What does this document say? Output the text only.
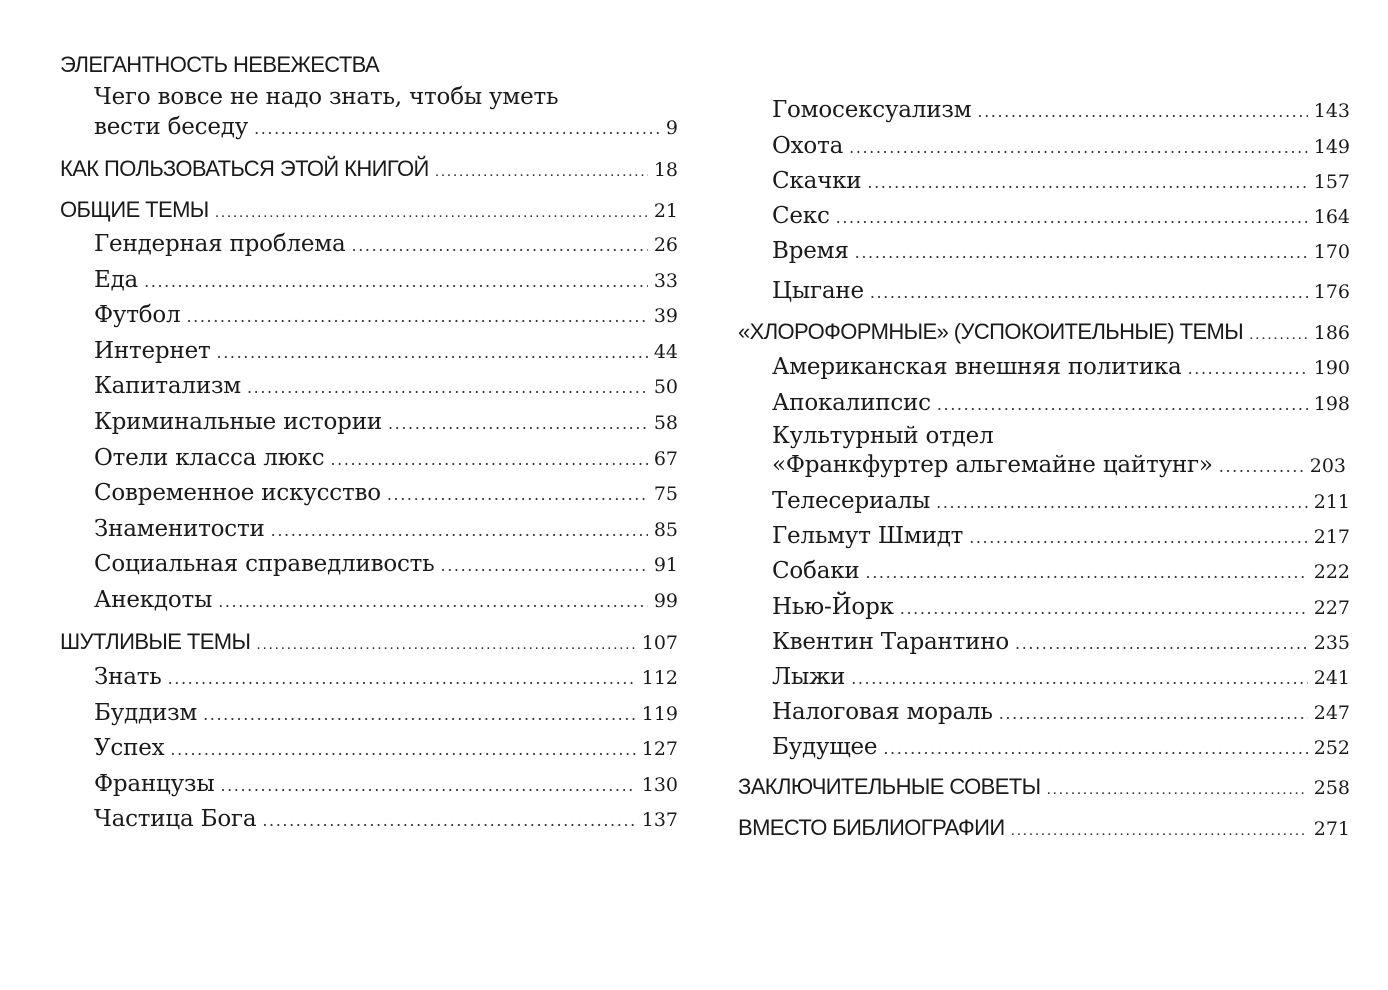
ЭЛЕГАНТНОСТЬ НЕВЕЖЕСТВА
Чего вовсе не надо знать, чтобы уметь
вести беседу .....	9
КАК ПОЛЬЗОВАТЬСЯ ЭТОЙ КНИГОЙ .....	18
ОБЩИЕ ТЕМЫ .....	21
Гендерная проблема .....	26
Еда .....	33
Футбол .....	39
Интернет .....	44
Капитализм .....	50
Криминальные истории .....	58
Отели класса люкс .....	67
Современное искусство .....	75
Знаменитости .....	85
Социальная справедливость .....	91
Анекдоты .....	99
ШУТЛИВЫЕ ТЕМЫ .....	107
Знать .....	112
Буддизм .....	119
Успех .....	127
Французы .....	130
Частица Бога .....	137
Гомосексуализм .....	143
Охота .....	149
Скачки .....	157
Секс .....	164
Время .....	170
Цыгане .....	176
«ХЛОРОФОРМНЫЕ» (УСПОКОИТЕЛЬНЫЕ) ТЕМЫ .....	186
Американская внешняя политика .....	190
Апокалипсис .....	198
Культурный отдел
«Франкфуртер альгемайне цайтунг» .....	203
Телесериалы .....	211
Гельмут Шмидт .....	217
Собаки .....	222
Нью-Йорк .....	227
Квентин Тарантино .....	235
Лыжи .....	241
Налоговая мораль .....	247
Будущее .....	252
ЗАКЛЮЧИТЕЛЬНЫЕ СОВЕТЫ .....	258
ВМЕСТО БИБЛИОГРАФИИ .....	271
